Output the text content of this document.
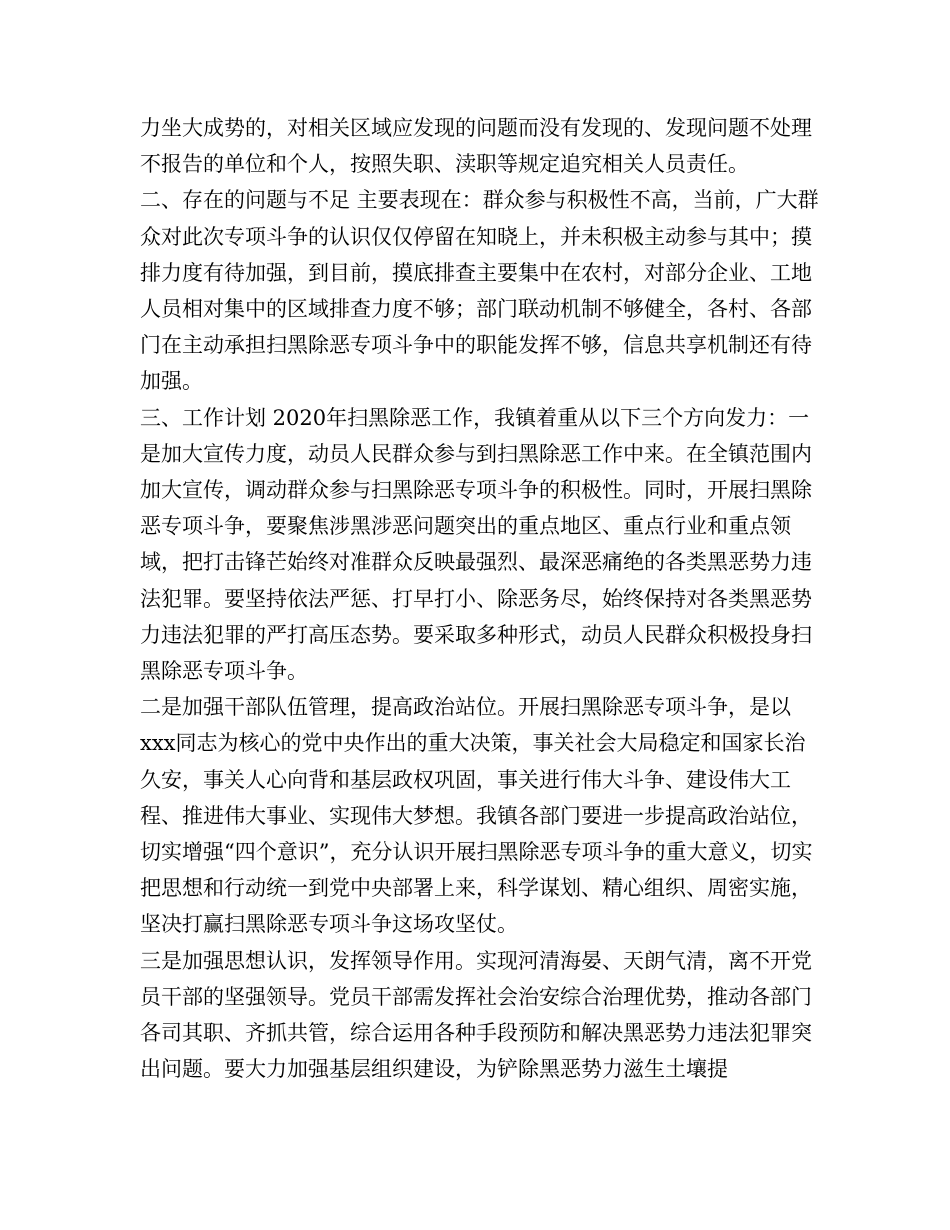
力坐大成势的，对相关区域应发现的问题而没有发现的、发现问题不处理不报告的单位和个人，按照失职、渎职等规定追究相关人员责任。

二、存在的问题与不足 主要表现在：群众参与积极性不高，当前，广大群众对此次专项斗争的认识仅仅停留在知晓上，并未积极主动参与其中；摸排力度有待加强，到目前，摸底排查主要集中在农村，对部分企业、工地人员相对集中的区域排查力度不够；部门联动机制不够健全，各村、各部门在主动承担扫黑除恶专项斗争中的职能发挥不够，信息共享机制还有待加强。

三、工作计划 2020年扫黑除恶工作，我镇着重从以下三个方向发力：一是加大宣传力度，动员人民群众参与到扫黑除恶工作中来。在全镇范围内加大宣传，调动群众参与扫黑除恶专项斗争的积极性。同时，开展扫黑除恶专项斗争，要聚焦涉黑涉恶问题突出的重点地区、重点行业和重点领域，把打击锋芒始终对准群众反映最强烈、最深恶痛绝的各类黑恶势力违法犯罪。要坚持依法严惩、打早打小、除恶务尽，始终保持对各类黑恶势力违法犯罪的严打高压态势。要采取多种形式，动员人民群众积极投身扫黑除恶专项斗争。

二是加强干部队伍管理，提高政治站位。开展扫黑除恶专项斗争，是以xxx同志为核心的党中央作出的重大决策，事关社会大局稳定和国家长治久安，事关人心向背和基层政权巩固，事关进行伟大斗争、建设伟大工程、推进伟大事业、实现伟大梦想。我镇各部门要进一步提高政治站位，切实增强“四个意识”，充分认识开展扫黑除恶专项斗争的重大意义，切实把思想和行动统一到党中央部署上来，科学谋划、精心组织、周密实施，坚决打赢扫黑除恶专项斗争这场攻坚仗。

三是加强思想认识，发挥领导作用。实现河清海晏、天朗气清，离不开党员干部的坚强领导。党员干部需发挥社会治安综合治理优势，推动各部门各司其职、齐抓共管，综合运用各种手段预防和解决黑恶势力违法犯罪突出问题。要大力加强基层组织建设，为铲除黑恶势力滋生土壤提
